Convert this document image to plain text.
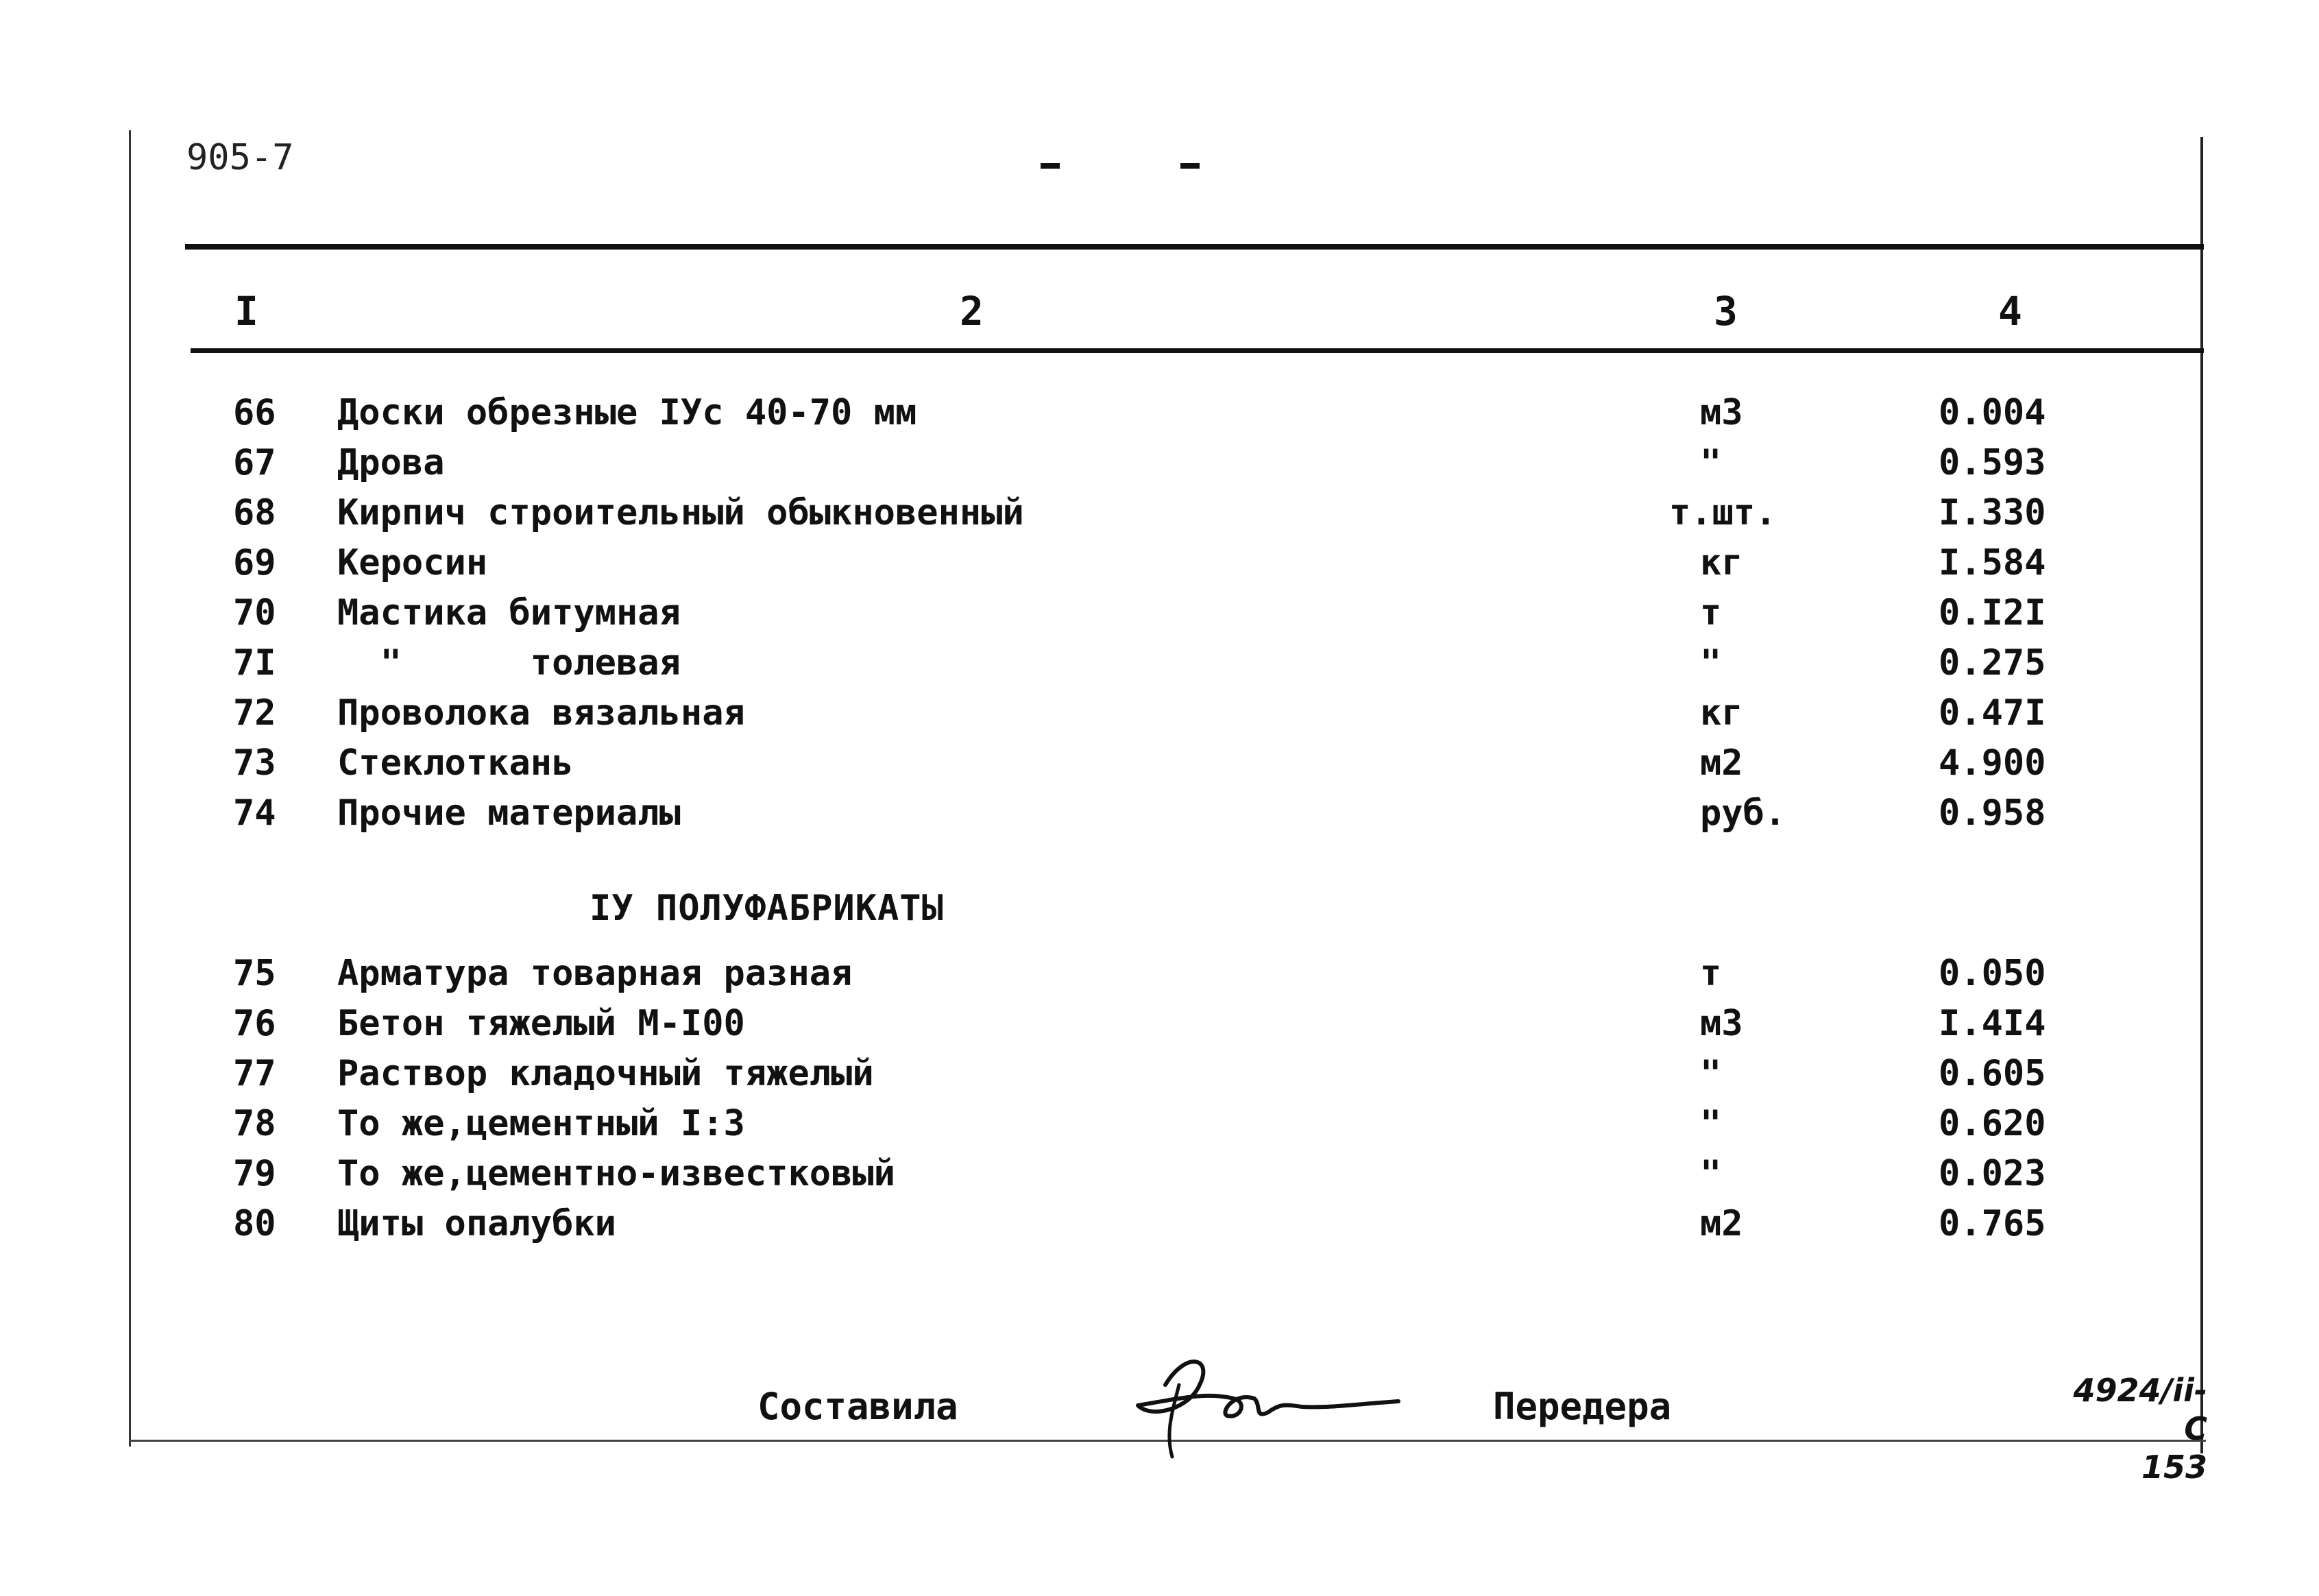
905-7
I	2	3	4
66 Доски обрезные IУс 40-70 мм	м3	0.004
67 Дрова	"	0.593
68 Кирпич строительный обыкновенный	т.шт.	I.330
69 Керосин	кг	I.584
70 Мастика битумная	т	0.I2I
7I "      толевая	"	0.275
72 Проволока вязальная	кг	0.47I
73 Стеклоткань	м2	4.900
74 Прочие материалы	руб.	0.958
IУ ПОЛУФАБРИКАТЫ
75 Арматура товарная разная	т	0.050
76 Бетон тяжелый М-I00	м3	I.4I4
77 Раствор кладочный тяжелый	"	0.605
78 То же,цементный I:3	"	0.620
79 То же,цементно-известковый	"	0.023
80 Щиты опалубки	м2	0.765
Составила	Передера	4924/ii-C
153
